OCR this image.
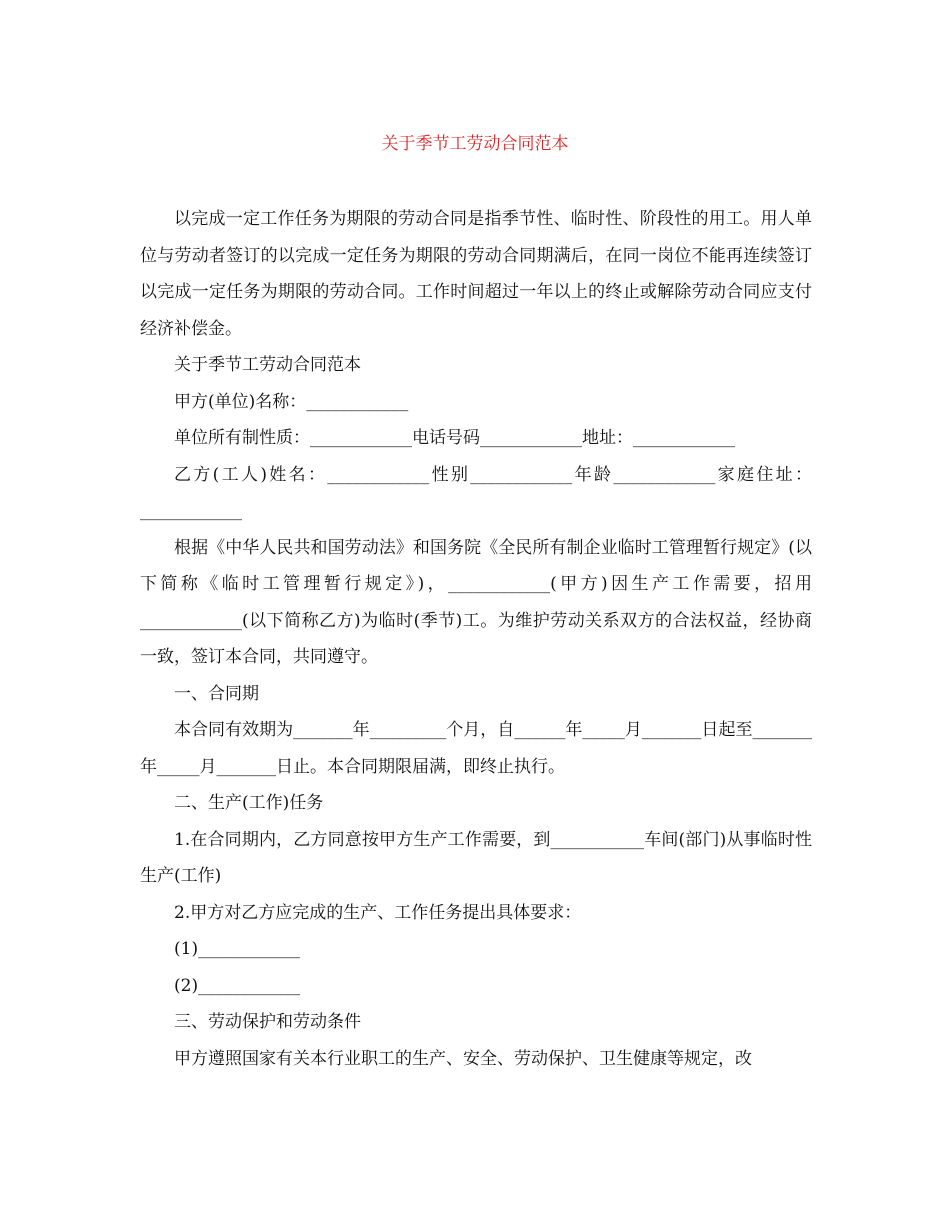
关于季节工劳动合同范本

以完成一定工作任务为期限的劳动合同是指季节性、临时性、阶段性的用工。用人单位与劳动者签订的以完成一定任务为期限的劳动合同期满后，在同一岗位不能再连续签订以完成一定任务为期限的劳动合同。工作时间超过一年以上的终止或解除劳动合同应支付经济补偿金。

关于季节工劳动合同范本

甲方(单位)名称：____________

单位所有制性质：____________电话号码____________地址：____________

乙方(工人)姓名：____________性别____________年龄____________家庭住址：____________

根据《中华人民共和国劳动法》和国务院《全民所有制企业临时工管理暂行规定》(以下简称《临时工管理暂行规定》)，____________(甲方)因生产工作需要，招用____________(以下简称乙方)为临时(季节)工。为维护劳动关系双方的合法权益，经协商一致，签订本合同，共同遵守。

一、合同期

本合同有效期为_______年_________个月，自______年_____月_______日起至_______年_____月_______日止。本合同期限届满，即终止执行。

二、生产(工作)任务

1.在合同期内，乙方同意按甲方生产工作需要，到___________车间(部门)从事临时性生产(工作)

2.甲方对乙方应完成的生产、工作任务提出具体要求：

(1)____________

(2)____________

三、劳动保护和劳动条件

甲方遵照国家有关本行业职工的生产、安全、劳动保护、卫生健康等规定，改
